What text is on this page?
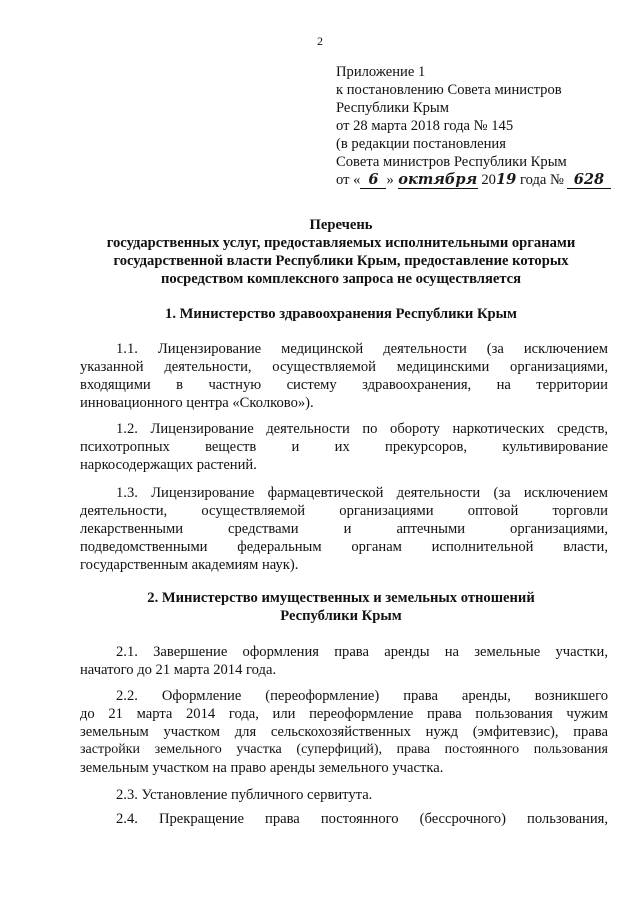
2
Приложение 1
к постановлению Совета министров
Республики Крым
от 28 марта 2018 года № 145
(в редакции постановления
Совета министров Республики Крым
от « 6 » октября 2019 года № 628
Перечень
государственных услуг, предоставляемых исполнительными органами
государственной власти Республики Крым, предоставление которых
посредством комплексного запроса не осуществляется
1. Министерство здравоохранения Республики Крым
1.1. Лицензирование медицинской деятельности (за исключением
указанной деятельности, осуществляемой медицинскими организациями,
входящими в частную систему здравоохранения, на территории
инновационного центра «Сколково»).
1.2. Лицензирование деятельности по обороту наркотических средств,
психотропных веществ и их прекурсоров, культивирование
наркосодержащих растений.
1.3. Лицензирование фармацевтической деятельности (за исключением
деятельности, осуществляемой организациями оптовой торговли
лекарственными	средствами	и	аптечными	организациями,
подведомственными федеральным органам исполнительной власти,
государственным академиям наук).
2. Министерство имущественных и земельных отношений
Республики Крым
2.1. Завершение оформления права аренды на земельные участки,
начатого до 21 марта 2014 года.
2.2. Оформление (переоформление) права аренды, возникшего
до 21 марта 2014 года, или переоформление права пользования чужим
земельным участком для сельскохозяйственных нужд (эмфитевзис), права
застройки земельного участка (суперфиций), права постоянного пользования
земельным участком на право аренды земельного участка.
2.3. Установление публичного сервитута.
2.4. Прекращение права постоянного (бессрочного) пользования,
